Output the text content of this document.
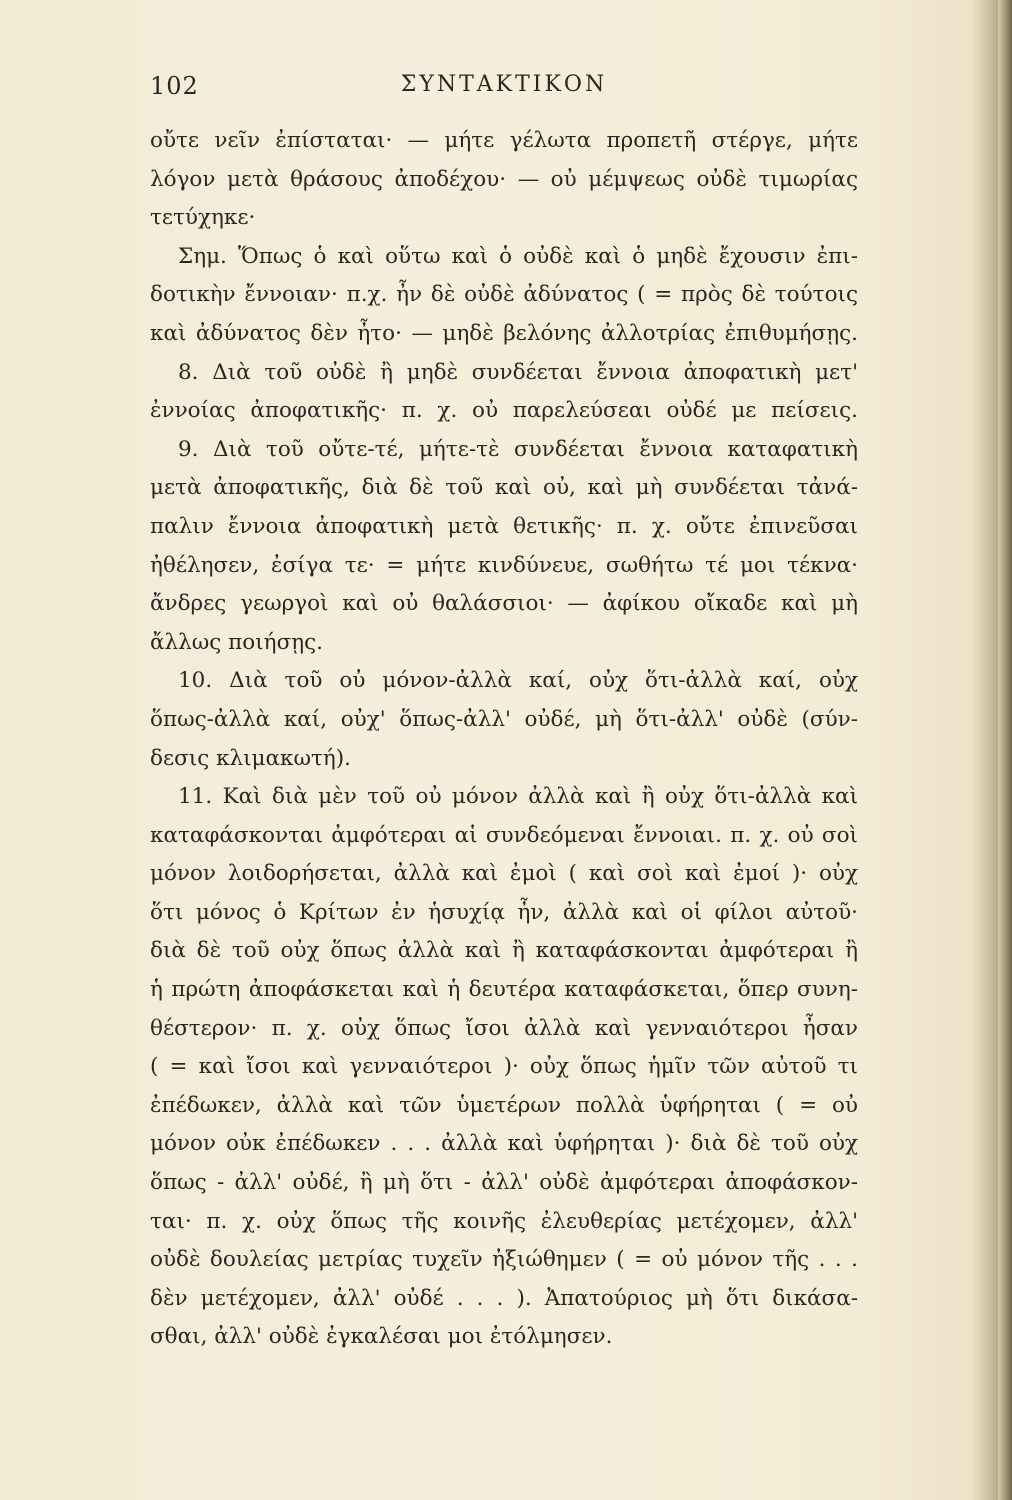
102	ΣΥΝΤΑΚΤΙΚΟΝ
οὔτε νεῖν ἐπίσταται· — μήτε γέλωτα προπετῆ στέργε, μήτε
λόγον μετὰ θράσους ἀποδέχου· — οὐ μέμψεως οὐδὲ τιμωρίας
τετύχηκε·
Σημ. Ὅπως ὁ καὶ οὕτω καὶ ὁ οὐδὲ καὶ ὁ μηδὲ ἔχουσιν ἐπι-
δοτικὴν ἔννοιαν· π.χ. ἦν δὲ οὐδὲ ἀδύνατος ( = πρὸς δὲ τούτοις
καὶ ἀδύνατος δὲν ἦτο· — μηδὲ βελόνης ἀλλοτρίας ἐπιθυμήσῃς.
8. Διὰ τοῦ οὐδὲ ἢ μηδὲ συνδέεται ἔννοια ἀποφατικὴ μετ'
ἐννοίας ἀποφατικῆς· π. χ. οὐ παρελεύσεαι οὐδέ με πείσεις.
9. Διὰ τοῦ οὔτε-τέ, μήτε-τὲ συνδέεται ἔννοια καταφατικὴ
μετὰ ἀποφατικῆς, διὰ δὲ τοῦ καὶ οὐ, καὶ μὴ συνδέεται τἀνά-
παλιν ἔννοια ἀποφατικὴ μετὰ θετικῆς· π. χ. οὔτε ἐπινεῦσαι
ἠθέλησεν, ἐσίγα τε· = μήτε κινδύνευε, σωθήτω τέ μοι τέκνα·
ἄνδρες γεωργοὶ καὶ οὐ θαλάσσιοι· — ἀφίκου οἴκαδε καὶ μὴ
ἄλλως ποιήσῃς.
10. Διὰ τοῦ οὐ μόνον-ἀλλὰ καί, οὐχ ὅτι-ἀλλὰ καί, οὐχ
ὅπως-ἀλλὰ καί, οὐχ' ὅπως-ἀλλ' οὐδέ, μὴ ὅτι-ἀλλ' οὐδὲ (σύν-
δεσις κλιμακωτή).
11. Καὶ διὰ μὲν τοῦ οὐ μόνον ἀλλὰ καὶ ἢ οὐχ ὅτι-ἀλλὰ καὶ
καταφάσκονται ἀμφότεραι αἱ συνδεόμεναι ἔννοιαι. π. χ. οὐ σοὶ
μόνον λοιδορήσεται, ἀλλὰ καὶ ἐμοὶ ( καὶ σοὶ καὶ ἐμοί )· οὐχ
ὅτι μόνος ὁ Κρίτων ἐν ἡσυχίᾳ ἦν, ἀλλὰ καὶ οἱ φίλοι αὐτοῦ·
διὰ δὲ τοῦ οὐχ ὅπως ἀλλὰ καὶ ἢ καταφάσκονται ἀμφότεραι ἢ
ἡ πρώτη ἀποφάσκεται καὶ ἡ δευτέρα καταφάσκεται, ὅπερ συνη-
θέστερον· π. χ. οὐχ ὅπως ἴσοι ἀλλὰ καὶ γενναιότεροι ἦσαν
( = καὶ ἴσοι καὶ γενναιότεροι )· οὐχ ὅπως ἡμῖν τῶν αὐτοῦ τι
ἐπέδωκεν, ἀλλὰ καὶ τῶν ὑμετέρων πολλὰ ὑφήρηται ( = οὐ
μόνον οὐκ ἐπέδωκεν . . . ἀλλὰ καὶ ὑφήρηται )· διὰ δὲ τοῦ οὐχ
ὅπως - ἀλλ' οὐδέ, ἢ μὴ ὅτι - ἀλλ' οὐδὲ ἀμφότεραι ἀποφάσκον-
ται· π. χ. οὐχ ὅπως τῆς κοινῆς ἐλευθερίας μετέχομεν, ἀλλ'
οὐδὲ δουλείας μετρίας τυχεῖν ἠξιώθημεν ( = οὐ μόνον τῆς . . .
δὲν μετέχομεν, ἀλλ' οὐδέ . . . ). Ἀπατούριος μὴ ὅτι δικάσα-
σθαι, ἀλλ' οὐδὲ ἐγκαλέσαι μοι ἐτόλμησεν.
